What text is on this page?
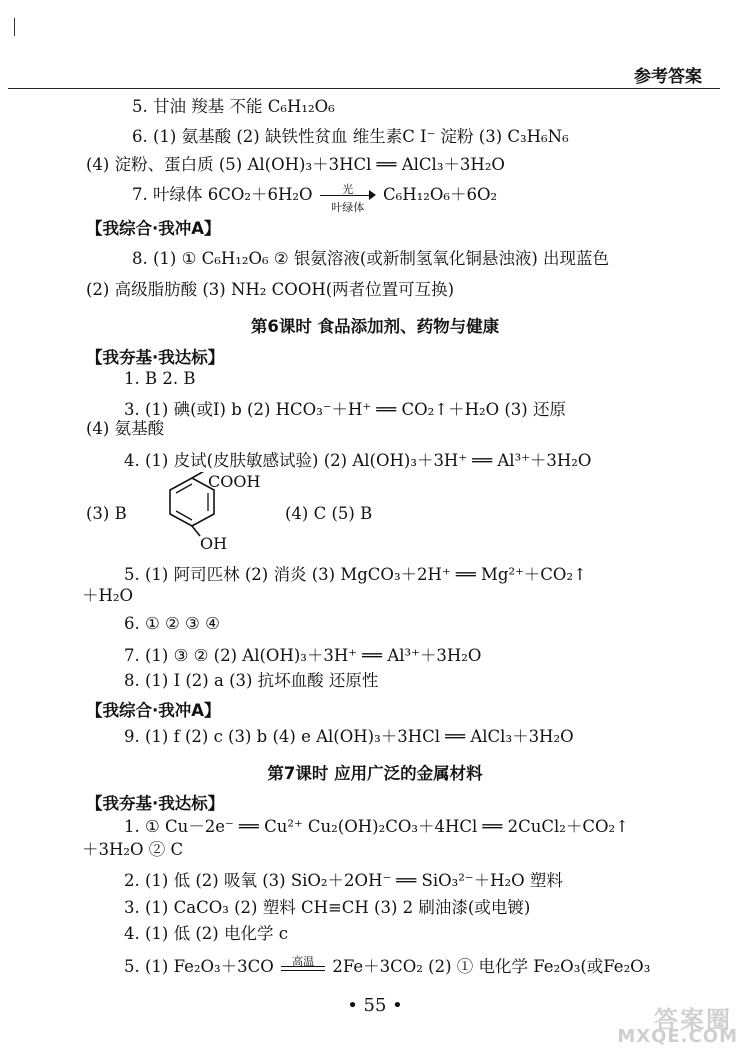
参考答案
5. 甘油 羧基 不能 C₆H₁₂O₆
6. (1) 氨基酸 (2) 缺铁性贫血 维生素C I⁻ 淀粉 (3) C₃H₆N₆
(4) 淀粉、蛋白质 (5) Al(OH)₃＋3HCl ══ AlCl₃＋3H₂O
7. 叶绿体 6CO₂＋6H₂O	光
叶绿体
C₆H₁₂O₆＋6O₂
【我综合·我冲A】
8. (1) ① C₆H₁₂O₆ ② 银氨溶液(或新制氢氧化铜悬浊液) 出现蓝色
(2) 高级脂肪酸 (3) NH₂ COOH(两者位置可互换)
第6课时 食品添加剂、药物与健康
【我夯基·我达标】
1. B 2. B
3. (1) 碘(或I) b (2) HCO₃⁻＋H⁺ ══ CO₂↑＋H₂O (3) 还原
(4) 氨基酸
4. (1) 皮试(皮肤敏感试验) (2) Al(OH)₃＋3H⁺ ══ Al³⁺＋3H₂O
COOH
OH
(3) B	(4) C (5) B
5. (1) 阿司匹林 (2) 消炎 (3) MgCO₃＋2H⁺ ══ Mg²⁺＋CO₂↑
＋H₂O
6. ① ② ③ ④
7. (1) ③ ② (2) Al(OH)₃＋3H⁺ ══ Al³⁺＋3H₂O
8. (1) I (2) a (3) 抗坏血酸 还原性
【我综合·我冲A】
9. (1) f (2) c (3) b (4) e Al(OH)₃＋3HCl ══ AlCl₃＋3H₂O
第7课时 应用广泛的金属材料
【我夯基·我达标】
1. ① Cu－2e⁻ ══ Cu²⁺ Cu₂(OH)₂CO₃＋4HCl ══ 2CuCl₂＋CO₂↑
＋3H₂O ② C
2. (1) 低 (2) 吸氧 (3) SiO₂＋2OH⁻ ══ SiO₃²⁻＋H₂O 塑料
3. (1) CaCO₃ (2) 塑料 CH≡CH (3) 2 刷油漆(或电镀)
4. (1) 低 (2) 电化学 c
5. (1) Fe₂O₃＋3CO	高温	2Fe＋3CO₂ (2) ① 电化学 Fe₂O₃(或Fe₂O₃
• 55 •
答案圈
MXQE.COM
